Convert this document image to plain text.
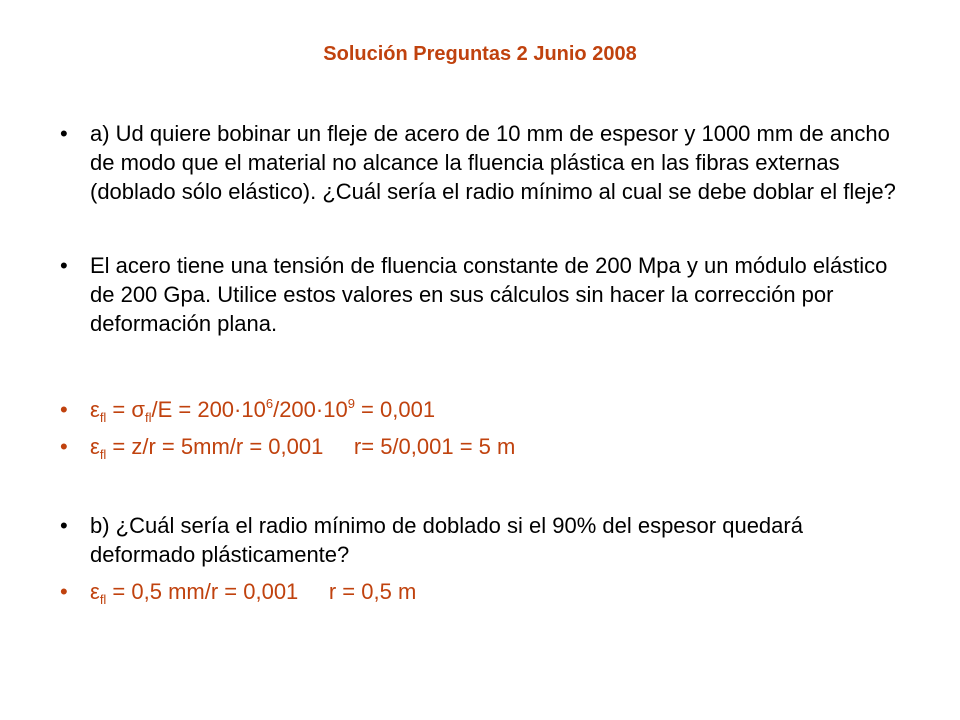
Solución Preguntas 2 Junio 2008
•	a) Ud quiere bobinar un fleje de acero de 10 mm de espesor y 1000 mm de ancho de modo que el material no alcance la fluencia plástica en las fibras externas (doblado sólo elástico). ¿Cuál sería el radio mínimo al cual se debe doblar el fleje?
•	El acero tiene una tensión de fluencia constante de 200 Mpa y un módulo elástico de 200 Gpa. Utilice estos valores en sus cálculos sin hacer la corrección por deformación plana.
•	$\varepsilon_{fl} = \sigma_{fl}/E = 200\cdot 10^6/200\cdot 10^9 = 0,001$
•	$\varepsilon_{fl} = z/r = 5mm/r = 0,001$     r= 5/0,001 = 5 m
•	b) ¿Cuál sería el radio mínimo de doblado si el 90% del espesor quedará deformado plásticamente?
•	$\varepsilon_{fl} = 0,5$ mm/r = 0,001     r = 0,5 m
